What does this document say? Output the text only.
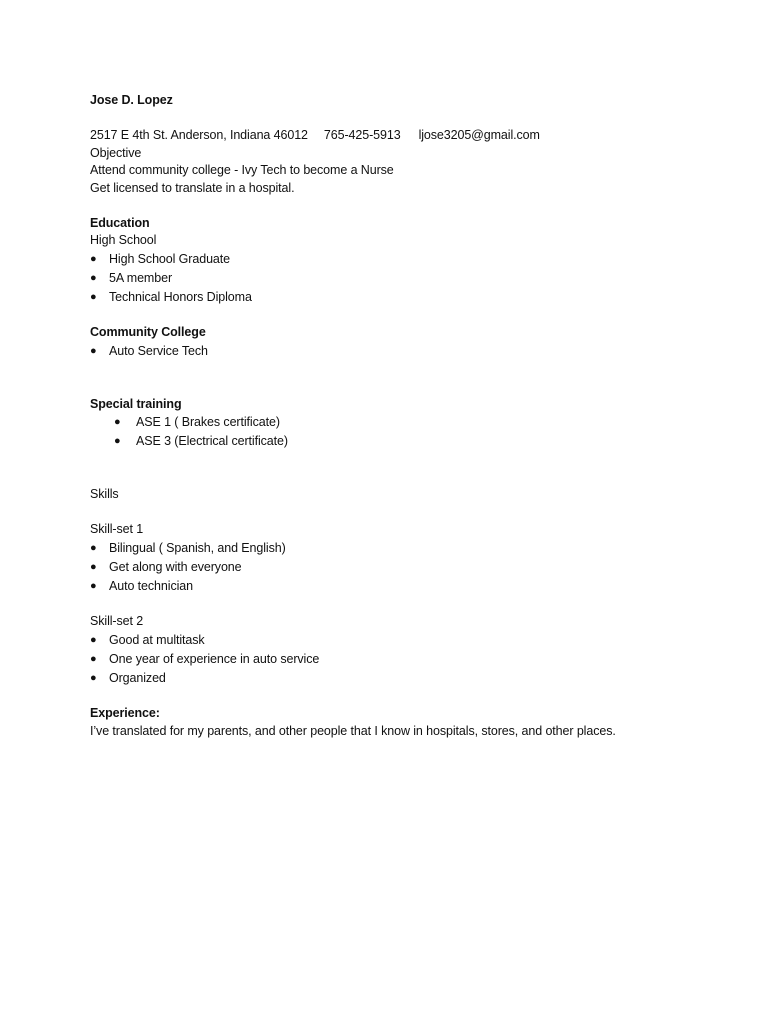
Jose D. Lopez
2517 E 4th St. Anderson, Indiana 46012 765-425-5913 ljose3205@gmail.com
Objective
Attend community college - Ivy Tech to become a Nurse
Get licensed to translate in a hospital.
Education
High School
● High School Graduate
● 5A member
● Technical Honors Diploma
Community College
● Auto Service Tech
Special training
● ASE 1 ( Brakes certificate)
● ASE 3 (Electrical certificate)
Skills
Skill-set 1
● Bilingual ( Spanish, and English)
● Get along with everyone
● Auto technician
Skill-set 2
● Good at multitask
● One year of experience in auto service
● Organized
Experience:
I’ve translated for my parents, and other people that I know in hospitals, stores, and other places.
